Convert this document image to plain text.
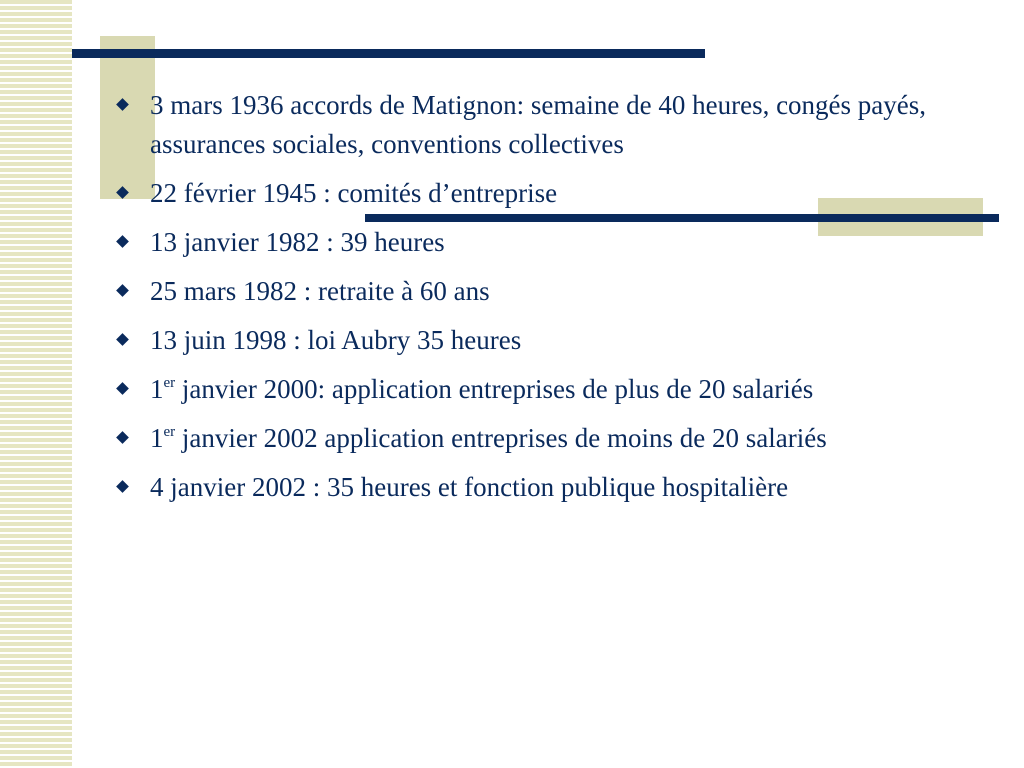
3 mars 1936 accords de Matignon: semaine de 40 heures, congés payés, assurances sociales, conventions collectives
22 février 1945 : comités d’entreprise
13 janvier 1982 : 39 heures
25 mars 1982 : retraite à 60 ans
13 juin 1998 : loi Aubry 35 heures
1er janvier 2000: application entreprises de plus de 20 salariés
1er janvier 2002 application entreprises de moins de 20 salariés
4 janvier 2002 : 35 heures et fonction publique hospitalière
